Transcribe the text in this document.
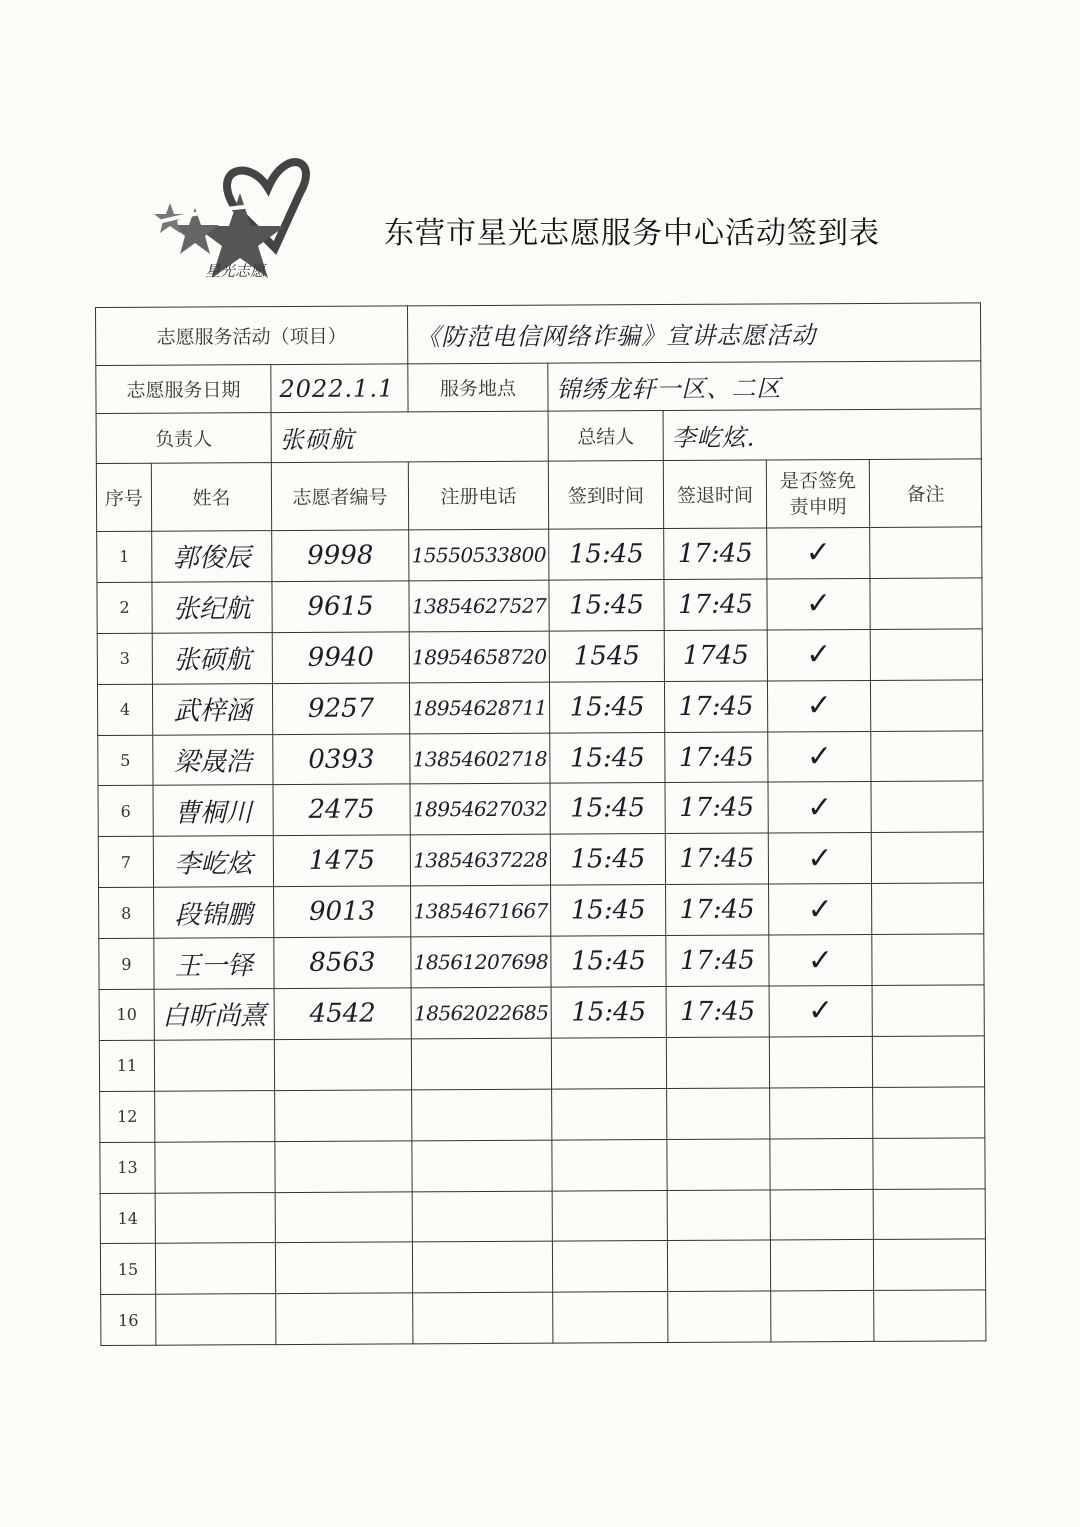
星光志愿
东营市星光志愿服务中心活动签到表
志愿服务活动（项目）			《防范电信网络诈骗》宣讲志愿活动				
志愿服务日期		2022.1.1	服务地点	锦绣龙轩一区、二区			
负责人		张硕航		总结人	李屹炫.		
序号	姓名	志愿者编号	注册电话	签到时间	签退时间	是否签免责申明	备注
1	郭俊辰	9998	15550533800	15:45	17:45	✓	
2	张纪航	9615	13854627527	15:45	17:45	✓	
3	张硕航	9940	18954658720	1545	1745	✓	
4	武梓涵	9257	18954628711	15:45	17:45	✓	
5	梁晟浩	0393	13854602718	15:45	17:45	✓	
6	曹桐川	2475	18954627032	15:45	17:45	✓	
7	李屹炫	1475	13854637228	15:45	17:45	✓	
8	段锦鹏	9013	13854671667	15:45	17:45	✓	
9	王一铎	8563	18561207698	15:45	17:45	✓	
10	白昕尚熹	4542	18562022685	15:45	17:45	✓	
11							
12							
13							
14							
15							
16							
